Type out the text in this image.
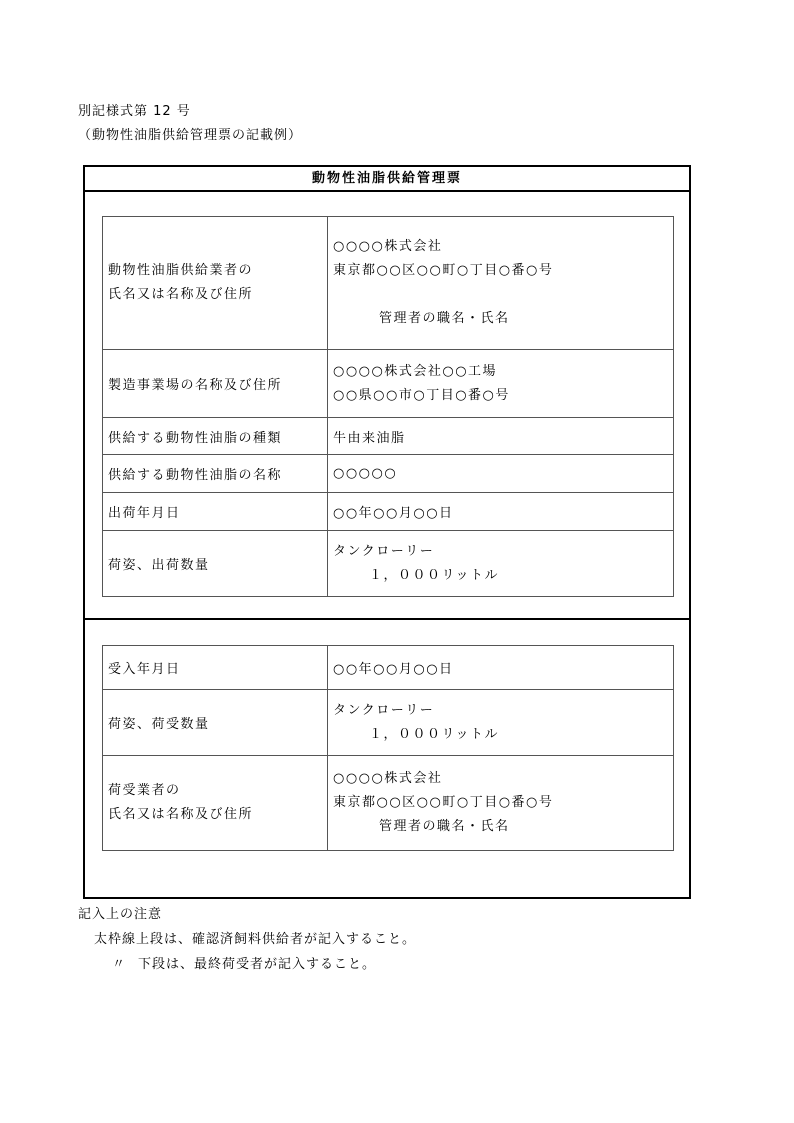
別記様式第 12 号
（動物性油脂供給管理票の記載例）
動物性油脂供給管理票
動物性油脂供給業者の
氏名又は名称及び住所	○○○○株式会社
東京都○○区○○町○丁目○番○号
管理者の職名・氏名

製造事業場の名称及び住所	○○○○株式会社○○工場
○○県○○市○丁目○番○号

供給する動物性油脂の種類	牛由来油脂
供給する動物性油脂の名称	○○○○○
出荷年月日	○○年○○月○○日
荷姿、出荷数量	タンクローリー
１，０００リットル
受入年月日	○○年○○月○○日
荷姿、荷受数量	タンクローリー
１，０００リットル

荷受業者の
氏名又は名称及び住所	○○○○株式会社
東京都○○区○○町○丁目○番○号
管理者の職名・氏名
記入上の注意
太枠線上段は、確認済飼料供給者が記入すること。
〃 下段は、最終荷受者が記入すること。
